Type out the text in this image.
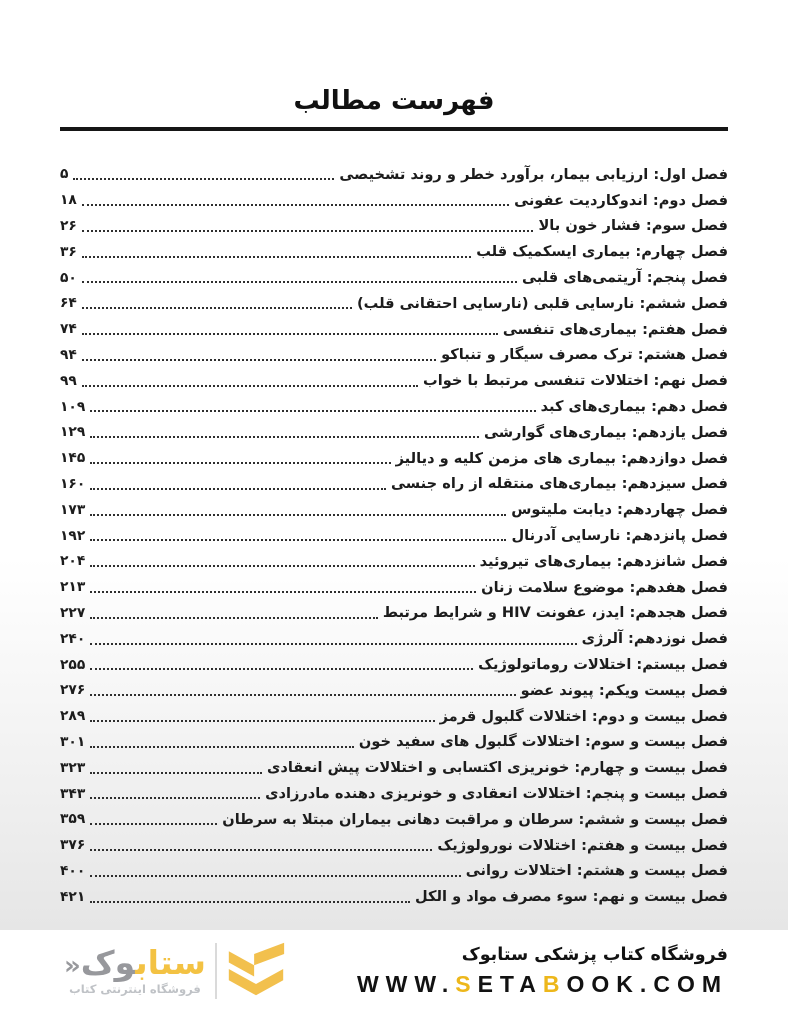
فهرست مطالب
فصل اول: ارزیابی بیمار، برآورد خطر و روند تشخیصی
۵
فصل دوم: اندوکاردیت عفونی
۱۸
فصل سوم: فشار خون بالا
۲۶
فصل چهارم: بیماری ایسکمیک قلب
۳۶
فصل پنجم: آریتمی‌های قلبی
۵۰
فصل ششم: نارسایی قلبی (نارسایی احتقانی قلب)
۶۴
فصل هفتم: بیماری‌های تنفسی
۷۴
فصل هشتم: ترک مصرف سیگار و تنباکو
۹۴
فصل نهم: اختلالات تنفسی مرتبط با خواب
۹۹
فصل دهم: بیماری‌های کبد
۱۰۹
فصل یازدهم: بیماری‌های گوارشی
۱۲۹
فصل دوازدهم: بیماری های مزمن کلیه و دیالیز
۱۴۵
فصل سیزدهم: بیماری‌های منتقله از راه جنسی
۱۶۰
فصل چهاردهم: دیابت ملیتوس
۱۷۳
فصل پانزدهم: نارسایی آدرنال
۱۹۲
فصل شانزدهم: بیماری‌های تیروئید
۲۰۴
فصل هفدهم: موضوع سلامت زنان
۲۱۳
فصل هجدهم: ایدز، عفونت HIV و شرایط مرتبط
۲۲۷
فصل نوزدهم: آلرژی
۲۴۰
فصل بیستم: اختلالات روماتولوژیک
۲۵۵
فصل بیست ویکم: پیوند عضو
۲۷۶
فصل بیست و دوم: اختلالات گلبول قرمز
۲۸۹
فصل بیست و سوم: اختلالات گلبول های سفید خون
۳۰۱
فصل بیست و چهارم: خونریزی اکتسابی و اختلالات پیش انعقادی
۳۲۳
فصل بیست و پنجم: اختلالات انعقادی و خونریزی دهنده مادرزادی
۳۴۳
فصل بیست و ششم: سرطان و مراقبت دهانی بیماران مبتلا به سرطان
۳۵۹
فصل بیست و هفتم: اختلالات نورولوژیک
۳۷۶
فصل بیست و هشتم: اختلالات روانی
۴۰۰
فصل بیست و نهم: سوء مصرف مواد و الکل
۴۲۱
ستابوک«
فروشگاه اینترنتی کتاب
فروشگاه کتاب پزشکی ستابوک
WWW.SETABOOK.COM
